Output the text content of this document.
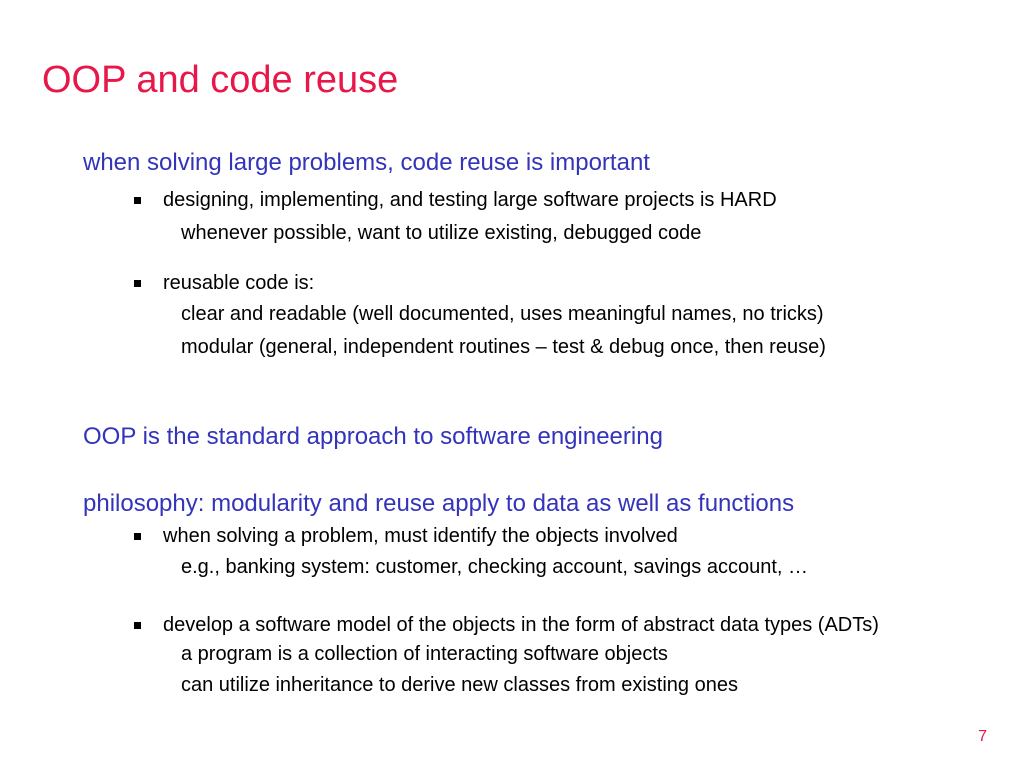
OOP and code reuse
when solving large problems, code reuse is important
designing, implementing, and testing large software projects is HARD
whenever possible, want to utilize existing, debugged code
reusable code is:
clear and readable (well documented, uses meaningful names, no tricks)
modular (general, independent routines – test & debug once, then reuse)
OOP is the standard approach to software engineering
philosophy: modularity and reuse apply to data as well as functions
when solving a problem, must identify the objects involved
e.g., banking system: customer, checking account, savings account, …
develop a software model of the objects in the form of abstract data types (ADTs)
a program is a collection of interacting software objects
can utilize inheritance to derive new classes from existing ones
7
